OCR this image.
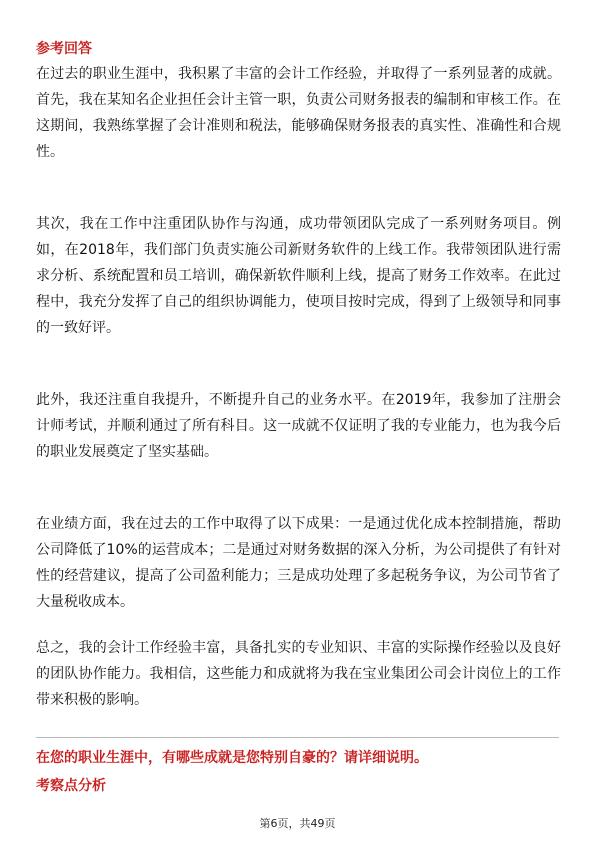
参考回答

在过去的职业生涯中，我积累了丰富的会计工作经验，并取得了一系列显著的成就。首先，我在某知名企业担任会计主管一职，负责公司财务报表的编制和审核工作。在这期间，我熟练掌握了会计准则和税法，能够确保财务报表的真实性、准确性和合规性。

其次，我在工作中注重团队协作与沟通，成功带领团队完成了一系列财务项目。例如，在2018年，我们部门负责实施公司新财务软件的上线工作。我带领团队进行需求分析、系统配置和员工培训，确保新软件顺利上线，提高了财务工作效率。在此过程中，我充分发挥了自己的组织协调能力，使项目按时完成，得到了上级领导和同事的一致好评。

此外，我还注重自我提升，不断提升自己的业务水平。在2019年，我参加了注册会计师考试，并顺利通过了所有科目。这一成就不仅证明了我的专业能力，也为我今后的职业发展奠定了坚实基础。

在业绩方面，我在过去的工作中取得了以下成果：一是通过优化成本控制措施，帮助公司降低了10%的运营成本；二是通过对财务数据的深入分析，为公司提供了有针对性的经营建议，提高了公司盈利能力；三是成功处理了多起税务争议，为公司节省了大量税收成本。

总之，我的会计工作经验丰富，具备扎实的专业知识、丰富的实际操作经验以及良好的团队协作能力。我相信，这些能力和成就将为我在宝业集团公司会计岗位上的工作带来积极的影响。

在您的职业生涯中，有哪些成就是您特别自豪的？请详细说明。
考察点分析
第6页，共49页
